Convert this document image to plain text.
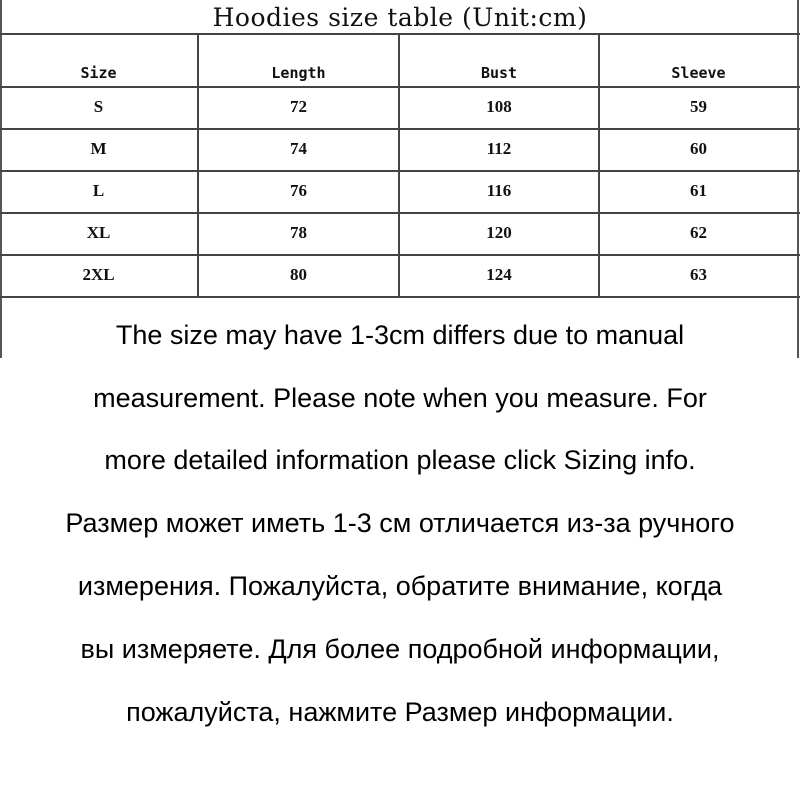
Hoodies size table (Unit:cm)
Size	Length	Bust	Sleeve
S	72	108	59
M	74	112	60
L	76	116	61
XL	78	120	62
2XL	80	124	63
The size may have 1-3cm differs due to manual
measurement. Please note when you measure. For
more detailed information please click Sizing info.
Размер может иметь 1-3 см отличается из-за ручного
измерения. Пожалуйста, обратите внимание, когда
вы измеряете. Для более подробной информации,
пожалуйста, нажмите Размер информации.
